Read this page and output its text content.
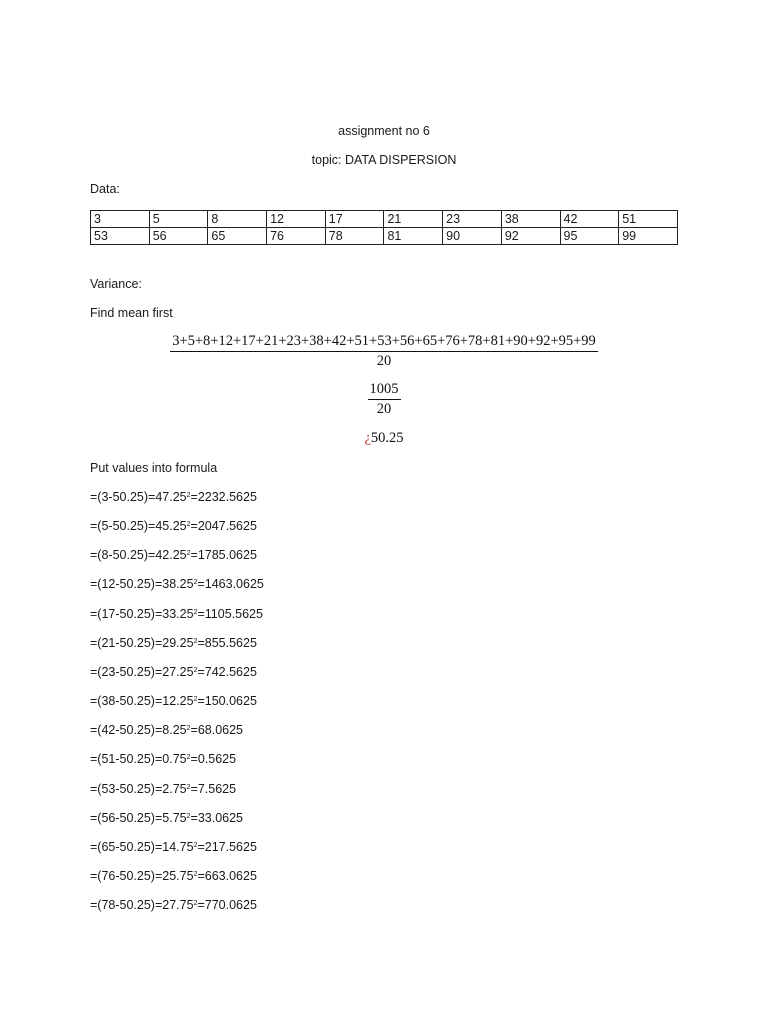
assignment no 6
topic: DATA DISPERSION
Data:
3	5	8	12	17	21	23	38	42	51
53	56	65	76	78	81	90	92	95	99
Variance:
Find mean first
$\frac{3+5+8+12+17+21+23+38+42+51+53+56+65+76+78+81+90+92+95+99}{20}$
$\frac{1005}{20}$
¿50.25
Put values into formula
$=(3-50.25)=47.25^2=2232.5625$
$=(5-50.25)=45.25^2=2047.5625$
$=(8-50.25)=42.25^2=1785.0625$
$=(12-50.25)=38.25^2=1463.0625$
$=(17-50.25)=33.25^2=1105.5625$
$=(21-50.25)=29.25^2=855.5625$
$=(23-50.25)=27.25^2=742.5625$
$=(38-50.25)=12.25^2=150.0625$
$=(42-50.25)=8.25^2=68.0625$
$=(51-50.25)=0.75^2=0.5625$
$=(53-50.25)=2.75^2=7.5625$
$=(56-50.25)=5.75^2=33.0625$
$=(65-50.25)=14.75^2=217.5625$
$=(76-50.25)=25.75^2=663.0625$
$=(78-50.25)=27.75^2=770.0625$
